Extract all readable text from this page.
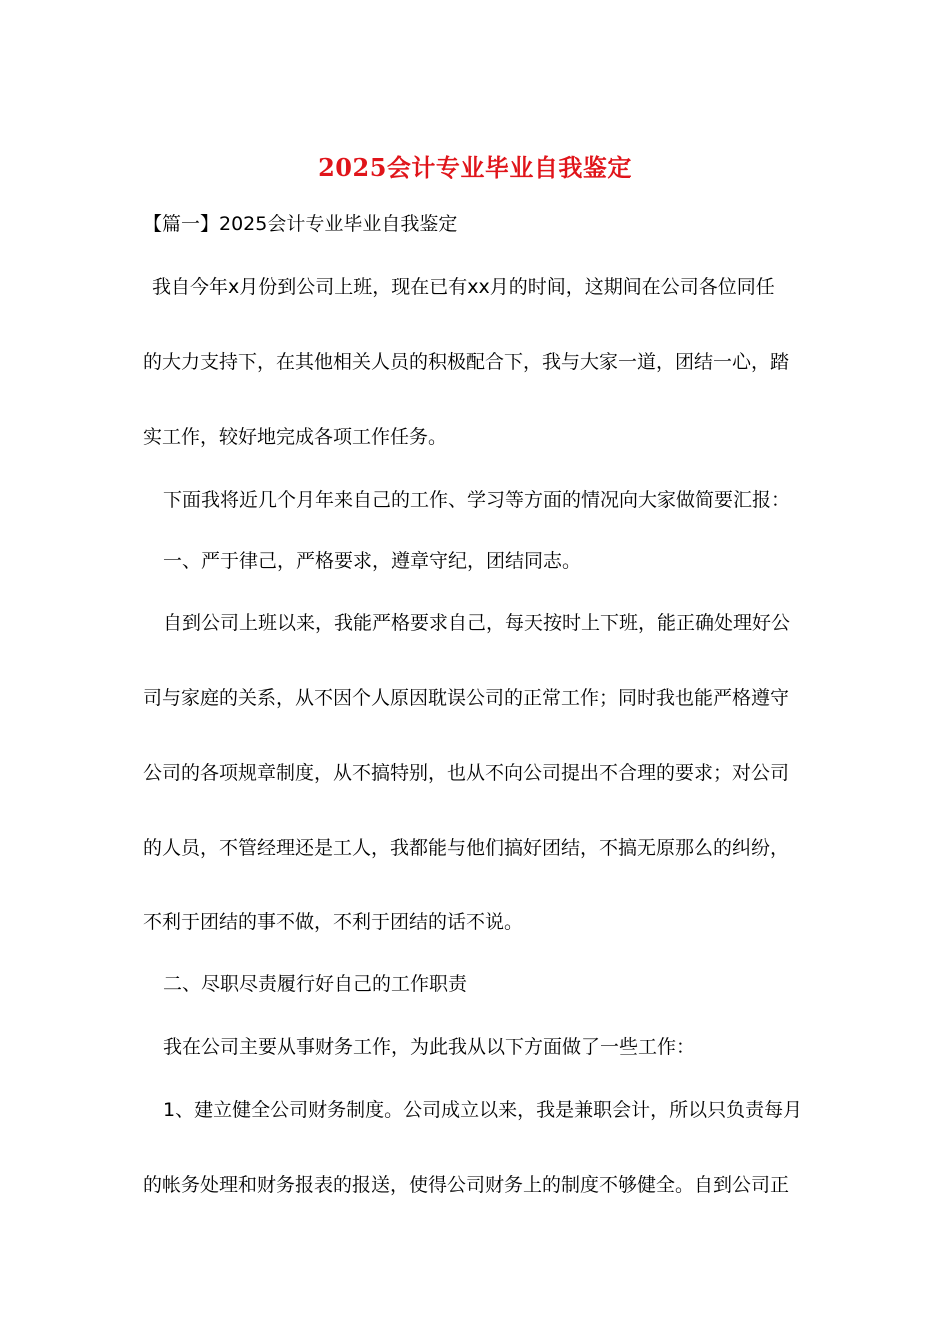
2025会计专业毕业自我鉴定
【篇一】2025会计专业毕业自我鉴定
我自今年x月份到公司上班，现在已有xx月的时间，这期间在公司各位同任
的大力支持下，在其他相关人员的积极配合下，我与大家一道，团结一心，踏
实工作，较好地完成各项工作任务。
下面我将近几个月年来自己的工作、学习等方面的情况向大家做简要汇报：
一、严于律己，严格要求，遵章守纪，团结同志。
自到公司上班以来，我能严格要求自己，每天按时上下班，能正确处理好公
司与家庭的关系，从不因个人原因耽误公司的正常工作；同时我也能严格遵守
公司的各项规章制度，从不搞特别，也从不向公司提出不合理的要求；对公司
的人员，不管经理还是工人，我都能与他们搞好团结，不搞无原那么的纠纷，
不利于团结的事不做，不利于团结的话不说。
二、尽职尽责履行好自己的工作职责
我在公司主要从事财务工作，为此我从以下方面做了一些工作：
1、建立健全公司财务制度。公司成立以来，我是兼职会计，所以只负责每月
的帐务处理和财务报表的报送，使得公司财务上的制度不够健全。自到公司正
